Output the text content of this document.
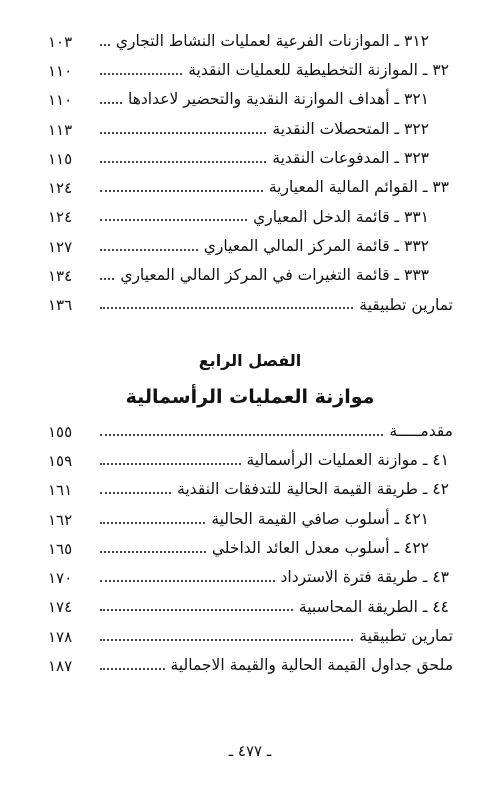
١٠٣	٣١٢ ـ الموازنات الفرعية لعمليات النشاط التجاري
١١٠	٣٢ ـ الموازنة التخطيطية للعمليات النقدية
١١٠	٣٢١ ـ أهداف الموازنة النقدية والتحضير لاعدادها
١١٣	٣٢٢ ـ المتحصلات النقدية
١١٥	٣٢٣ ـ المدفوعات النقدية
١٢٤	٣٣ ـ القوائم المالية المعيارية
١٢٤	٣٣١ ـ قائمة الدخل المعياري
١٢٧	٣٣٢ ـ قائمة المركز المالي المعياري
١٣٤	٣٣٣ ـ قائمة التغيرات في المركز المالي المعياري
١٣٦	تمارين تطبيقية
الفصل الرابع
موازنة العمليات الرأسمالية
١٥٥	مقدمـــــة
١٥٩	٤١ ـ موازنة العمليات الرأسمالية
١٦١	٤٢ ـ طريقة القيمة الحالية للتدفقات النقدية
١٦٢	٤٢١ ـ أسلوب صافي القيمة الحالية
١٦٥	٤٢٢ ـ أسلوب معدل العائد الداخلي
١٧٠	٤٣ ـ طريقة فترة الاسترداد
١٧٤	٤٤ ـ الطريقة المحاسبية
١٧٨	تمارين تطبيقية
١٨٧	ملحق جداول القيمة الحالية والقيمة الاجمالية
ـ ٤٧٧ ـ
